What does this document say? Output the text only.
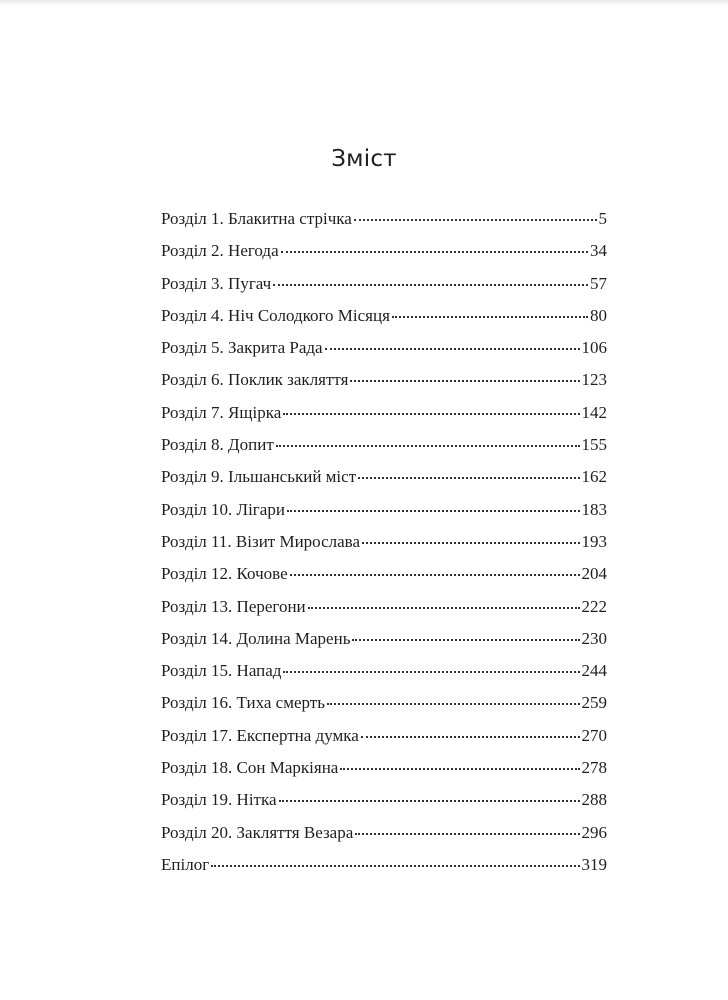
Зміст
Розділ 1. Блакитна стрічка	5
Розділ 2. Негода	34
Розділ 3. Пугач	57
Розділ 4. Ніч Солодкого Місяця	80
Розділ 5. Закрита Рада	106
Розділ 6. Поклик закляття	123
Розділ 7. Ящірка	142
Розділ 8. Допит	155
Розділ 9. Ільшанський міст	162
Розділ 10. Лігари	183
Розділ 11. Візит Мирослава	193
Розділ 12. Кочове	204
Розділ 13. Перегони	222
Розділ 14. Долина Марень	230
Розділ 15. Напад	244
Розділ 16. Тиха смерть	259
Розділ 17. Експертна думка	270
Розділ 18. Сон Маркіяна	278
Розділ 19. Нітка	288
Розділ 20. Закляття Везара	296
Епілог	319
